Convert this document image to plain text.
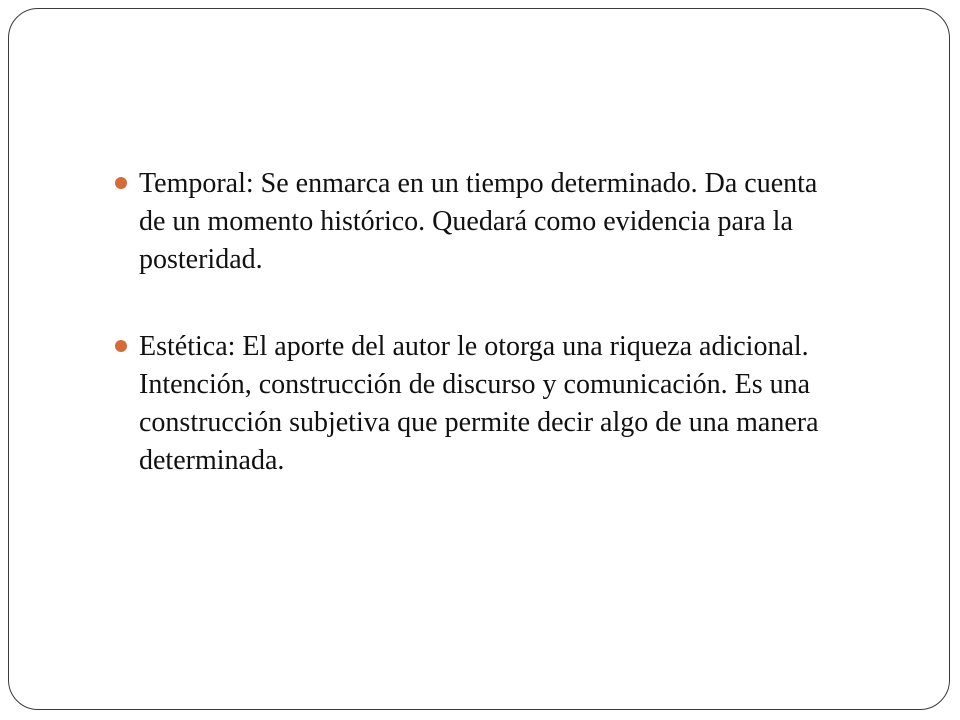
Temporal: Se enmarca en un tiempo determinado. Da cuenta
de un momento histórico. Quedará como evidencia para la
posteridad.
Estética: El aporte del autor le otorga una riqueza adicional.
Intención, construcción de discurso y comunicación. Es una
construcción subjetiva que permite decir algo de una manera
determinada.
